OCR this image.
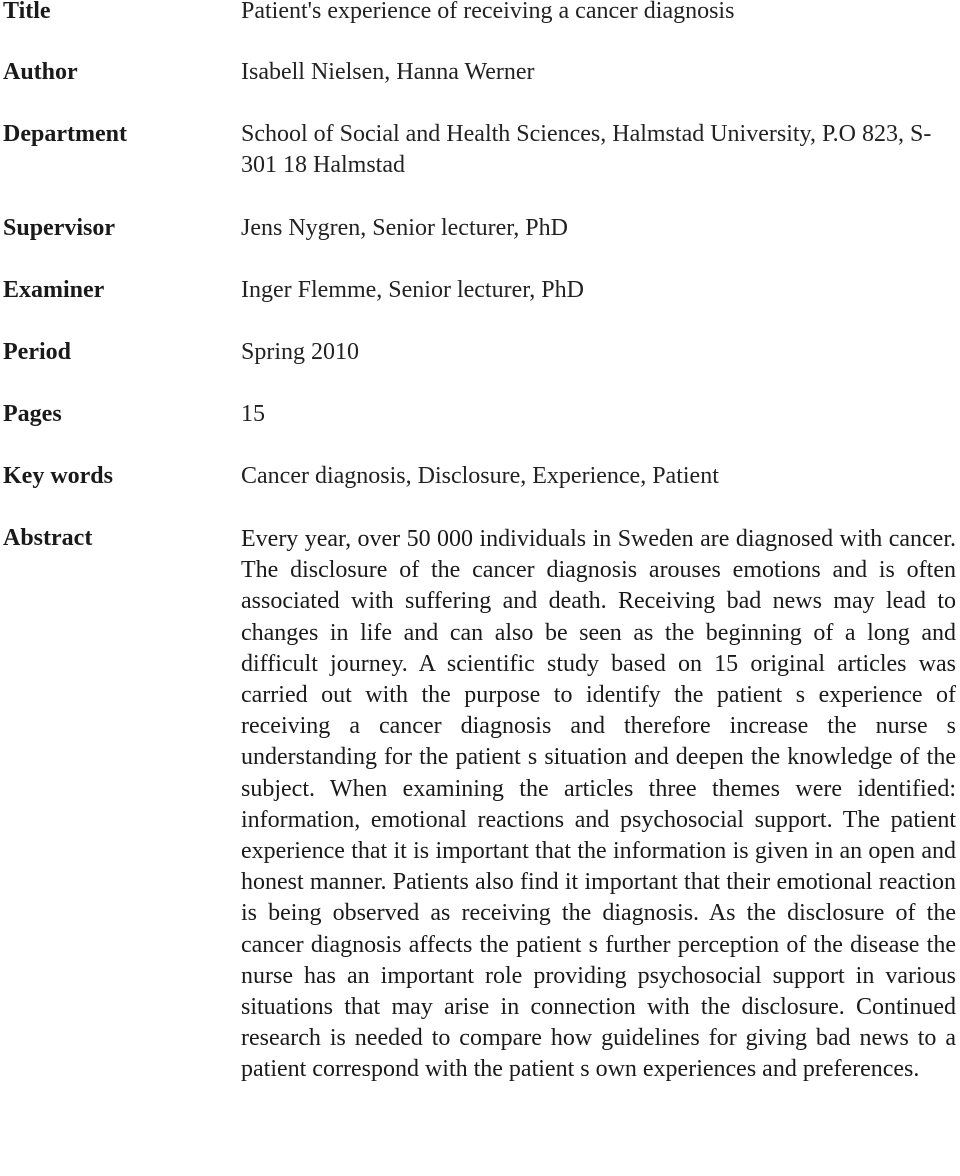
Title	Patient's experience of receiving a cancer diagnosis
Author	Isabell Nielsen, Hanna Werner
Department	School of Social and Health Sciences, Halmstad University, P.O 823, S-301 18 Halmstad
Supervisor	Jens Nygren, Senior lecturer, PhD
Examiner	Inger Flemme, Senior lecturer, PhD
Period	Spring 2010
Pages	15
Key words	Cancer diagnosis, Disclosure, Experience, Patient
Abstract	Every year, over 50 000 individuals in Sweden are diagnosed with cancer. The disclosure of the cancer diagnosis arouses emotions and is often associated with suffering and death. Receiving bad news may lead to changes in life and can also be seen as the beginning of a long and difficult journey. A scientific study based on 15 original articles was carried out with the purpose to identify the patient s experience of receiving a cancer diagnosis and therefore increase the nurse s understanding for the patient s situation and deepen the knowledge of the subject. When examining the articles three themes were identified: information, emotional reactions and psychosocial support. The patient experience that it is important that the information is given in an open and honest manner. Patients also find it important that their emotional reaction is being observed as receiving the diagnosis. As the disclosure of the cancer diagnosis affects the patient s further perception of the disease the nurse has an important role providing psychosocial support in various situations that may arise in connection with the disclosure. Continued research is needed to compare how guidelines for giving bad news to a patient correspond with the patient s own experiences and preferences.
